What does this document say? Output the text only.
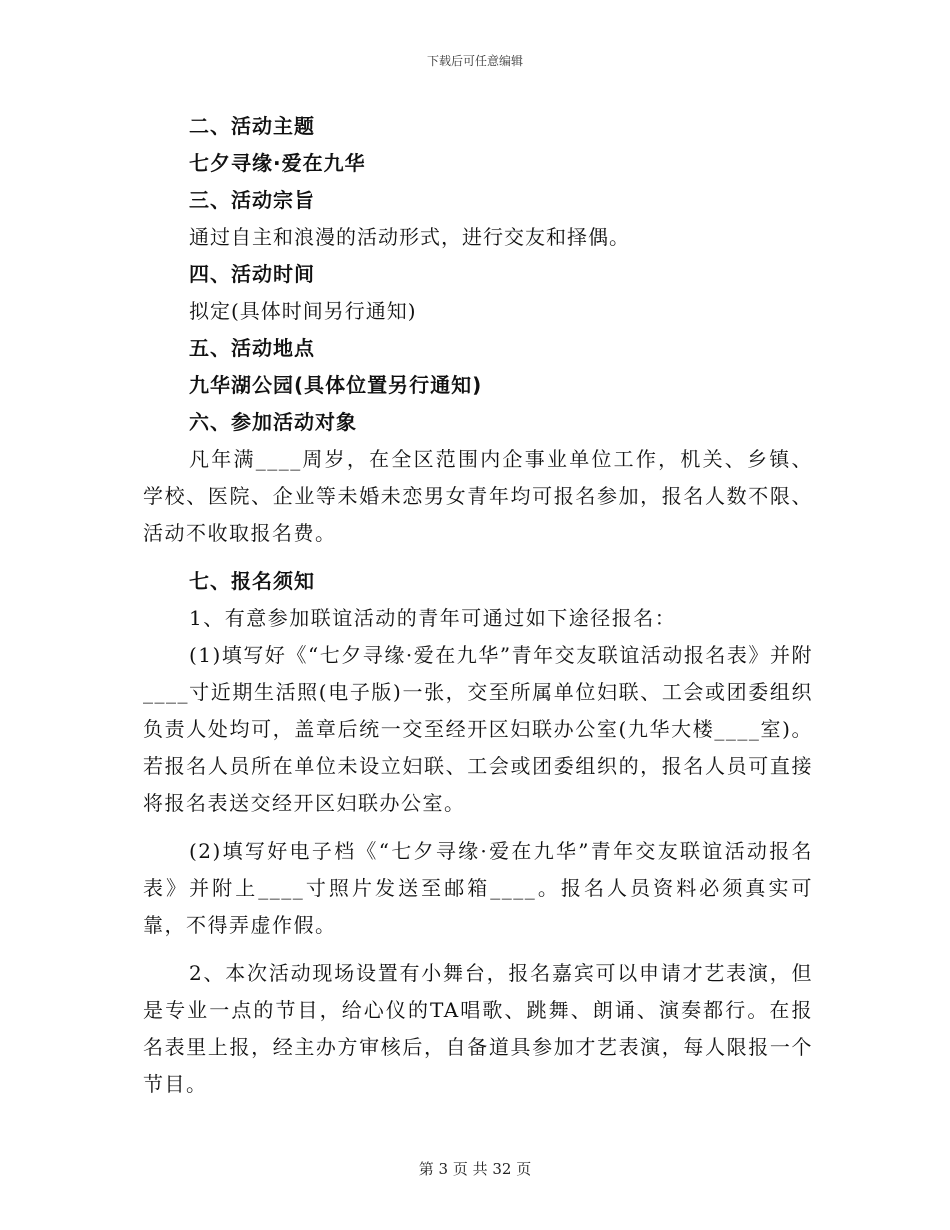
下载后可任意编辑
二、活动主题
七夕寻缘·爱在九华
三、活动宗旨
通过自主和浪漫的活动形式，进行交友和择偶。
四、活动时间
拟定(具体时间另行通知)
五、活动地点
九华湖公园(具体位置另行通知)
六、参加活动对象
凡年满____周岁，在全区范围内企事业单位工作，机关、乡镇、学校、医院、企业等未婚未恋男女青年均可报名参加，报名人数不限、活动不收取报名费。
七、报名须知
1、有意参加联谊活动的青年可通过如下途径报名：
(1)填写好《“七夕寻缘·爱在九华”青年交友联谊活动报名表》并附____寸近期生活照(电子版)一张，交至所属单位妇联、工会或团委组织负责人处均可，盖章后统一交至经开区妇联办公室(九华大楼____室)。若报名人员所在单位未设立妇联、工会或团委组织的，报名人员可直接将报名表送交经开区妇联办公室。
(2)填写好电子档《“七夕寻缘·爱在九华”青年交友联谊活动报名表》并附上____寸照片发送至邮箱____。报名人员资料必须真实可靠，不得弄虚作假。
2、本次活动现场设置有小舞台，报名嘉宾可以申请才艺表演，但是专业一点的节目，给心仪的TA唱歌、跳舞、朗诵、演奏都行。在报名表里上报，经主办方审核后，自备道具参加才艺表演，每人限报一个节目。
第 3 页 共 32 页
